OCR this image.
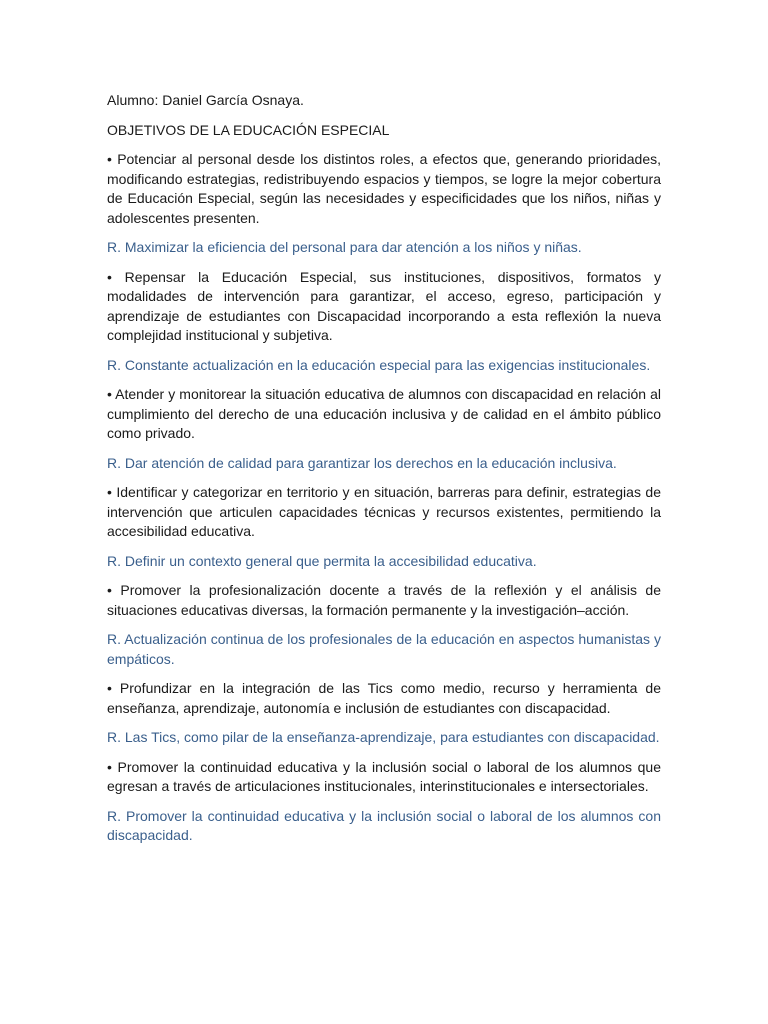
Alumno: Daniel García Osnaya.

OBJETIVOS DE LA EDUCACIÓN ESPECIAL

• Potenciar al personal desde los distintos roles, a efectos que, generando prioridades, modificando estrategias, redistribuyendo espacios y tiempos, se logre la mejor cobertura de Educación Especial, según las necesidades y especificidades que los niños, niñas y adolescentes presenten.

R. Maximizar la eficiencia del personal para dar atención a los niños y niñas.

• Repensar la Educación Especial, sus instituciones, dispositivos, formatos y modalidades de intervención para garantizar, el acceso, egreso, participación y aprendizaje de estudiantes con Discapacidad incorporando a esta reflexión la nueva complejidad institucional y subjetiva.

R. Constante actualización en la educación especial para las exigencias institucionales.

• Atender y monitorear la situación educativa de alumnos con discapacidad en relación al cumplimiento del derecho de una educación inclusiva y de calidad en el ámbito público como privado.

R. Dar atención de calidad para garantizar los derechos en la educación inclusiva.

• Identificar y categorizar en territorio y en situación, barreras para definir, estrategias de intervención que articulen capacidades técnicas y recursos existentes, permitiendo la accesibilidad educativa.

R. Definir un contexto general que permita la accesibilidad educativa.

• Promover la profesionalización docente a través de la reflexión y el análisis de situaciones educativas diversas, la formación permanente y la investigación–acción.

R. Actualización continua de los profesionales de la educación en aspectos humanistas y empáticos.

• Profundizar en la integración de las Tics como medio, recurso y herramienta de enseñanza, aprendizaje, autonomía e inclusión de estudiantes con discapacidad.

R. Las Tics, como pilar de la enseñanza-aprendizaje, para estudiantes con discapacidad.

• Promover la continuidad educativa y la inclusión social o laboral de los alumnos que egresan a través de articulaciones institucionales, interinstitucionales e intersectoriales.

R. Promover la continuidad educativa y la inclusión social o laboral de los alumnos con discapacidad.
